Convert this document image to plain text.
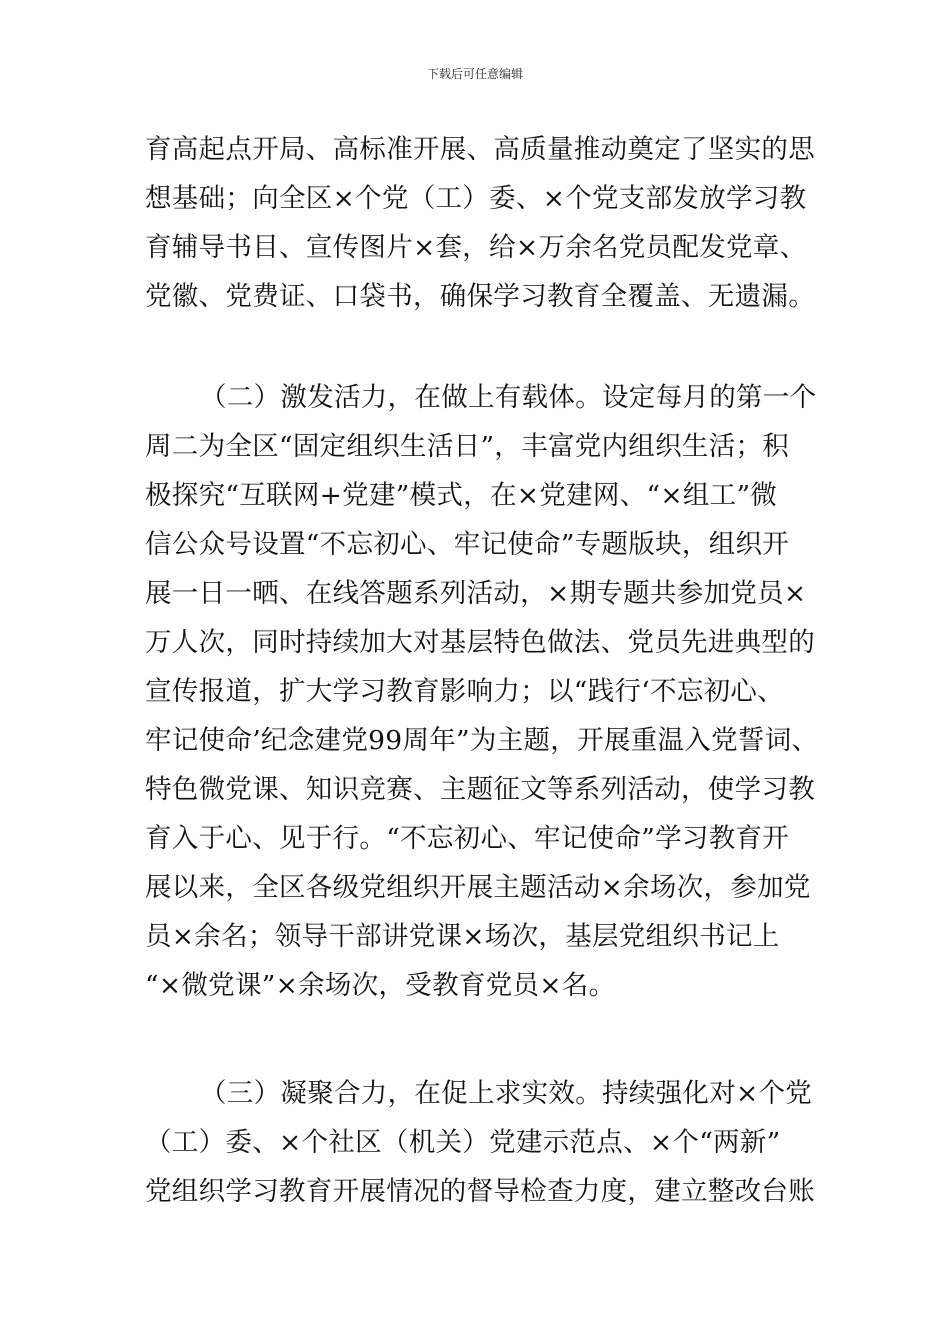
下载后可任意编辑
育高起点开局、高标准开展、高质量推动奠定了坚实的思
想基础；向全区×个党（工）委、×个党支部发放学习教
育辅导书目、宣传图片×套，给×万余名党员配发党章、
党徽、党费证、口袋书，确保学习教育全覆盖、无遗漏。
（二）激发活力，在做上有载体。设定每月的第一个
周二为全区“固定组织生活日”，丰富党内组织生活；积
极探究“互联网+党建”模式，在×党建网、“×组工”微
信公众号设置“不忘初心、牢记使命”专题版块，组织开
展一日一晒、在线答题系列活动，×期专题共参加党员×
万人次，同时持续加大对基层特色做法、党员先进典型的
宣传报道，扩大学习教育影响力；以“践行‘不忘初心、
牢记使命’纪念建党99周年”为主题，开展重温入党誓词、
特色微党课、知识竞赛、主题征文等系列活动，使学习教
育入于心、见于行。“不忘初心、牢记使命”学习教育开
展以来，全区各级党组织开展主题活动×余场次，参加党
员×余名；领导干部讲党课×场次，基层党组织书记上
“×微党课”×余场次，受教育党员×名。
（三）凝聚合力，在促上求实效。持续强化对×个党
（工）委、×个社区（机关）党建示范点、×个“两新”
党组织学习教育开展情况的督导检查力度，建立整改台账
